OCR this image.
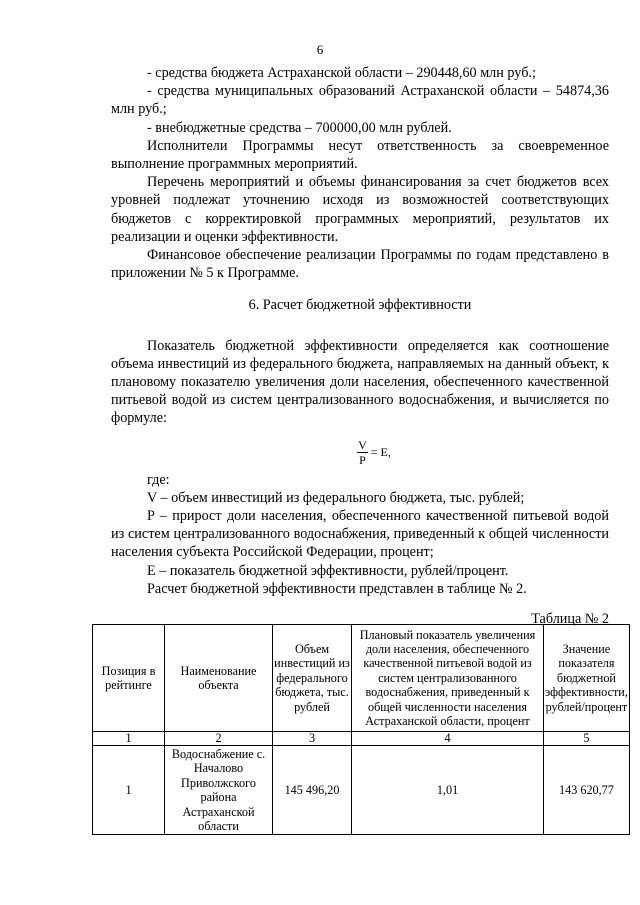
6

- средства бюджета Астраханской области – 290448,60 млн руб.;

- средства муниципальных образований Астраханской области – 54874,36 млн руб.;

- внебюджетные средства – 700000,00 млн рублей.

Исполнители Программы несут ответственность за своевременное выполнение программных мероприятий.

Перечень мероприятий и объемы финансирования за счет бюджетов всех уровней подлежат уточнению исходя из возможностей соответствующих бюджетов с корректировкой программных мероприятий, результатов их реализации и оценки эффективности.

Финансовое обеспечение реализации Программы по годам представлено в приложении № 5 к Программе.

6. Расчет бюджетной эффективности

Показатель бюджетной эффективности определяется как соотношение объема инвестиций из федерального бюджета, направляемых на данный объект, к плановому показателю увеличения доли населения, обеспеченного качественной питьевой водой из систем централизованного водоснабжения, и вычисляется по формуле:

$\frac{V}{P} = E$,

где:

V – объем инвестиций из федерального бюджета, тыс. рублей;

P – прирост доли населения, обеспеченного качественной питьевой водой из систем централизованного водоснабжения, приведенный к общей численности населения субъекта Российской Федерации, процент;

E – показатель бюджетной эффективности, рублей/процент.

Расчет бюджетной эффективности представлен в таблице № 2.

Таблица № 2

Позиция в рейтинге	Наименование объекта	Объем инвестиций из федерального бюджета, тыс. рублей	Плановый показатель увеличения доли населения, обеспеченного качественной питьевой водой из систем централизованного водоснабжения, приведенный к общей численности населения Астраханской области, процент	Значение показателя бюджетной эффективности, рублей/процент
1	2	3	4	5
1	Водоснабжение с. Началово Приволжского района Астраханской области	145 496,20	1,01	143 620,77
